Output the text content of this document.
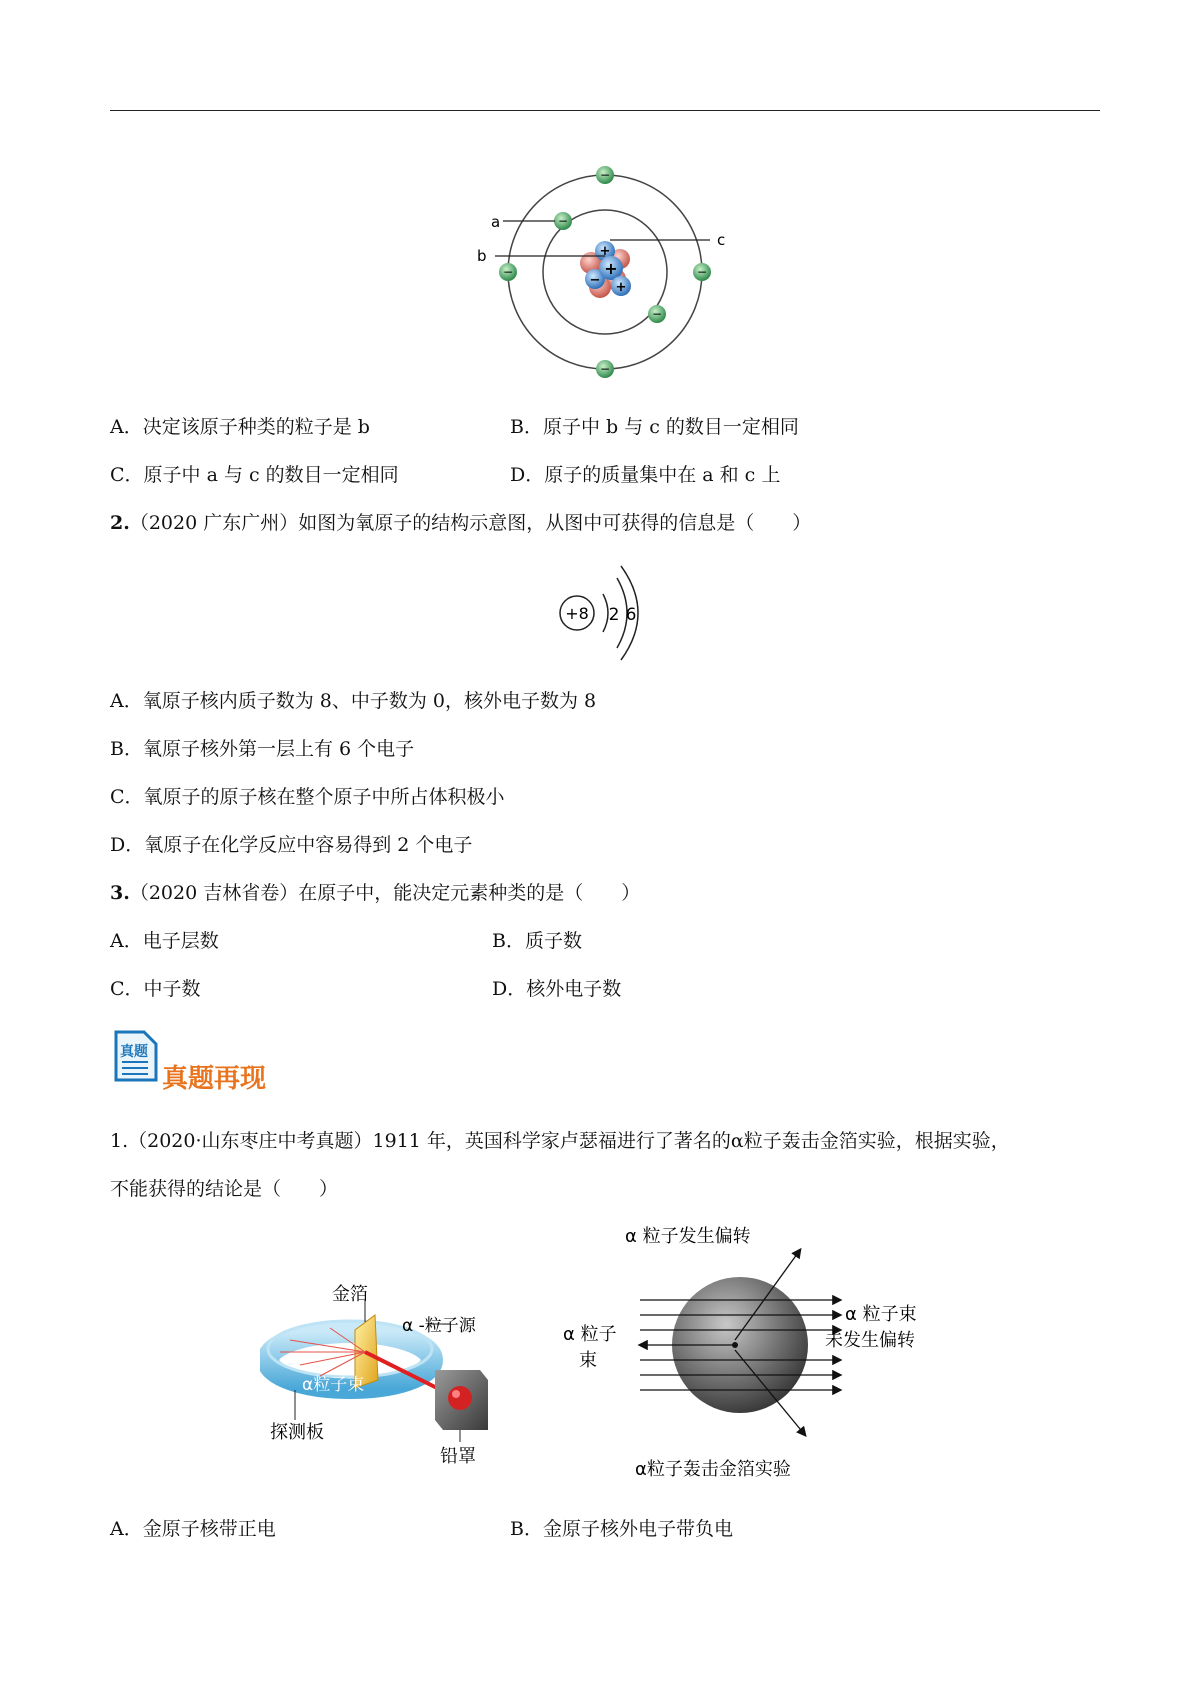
+
+
− +
−
−
−	−
−
−
a
b
c
A．决定该原子种类的粒子是 b	B．原子中 b 与 c 的数目一定相同
C．原子中 a 与 c 的数目一定相同	D．原子的质量集中在 a 和 c 上
2.（2020 广东广州）如图为氧原子的结构示意图，从图中可获得的信息是（　　）
+8 2 6
A．氧原子核内质子数为 8、中子数为 0，核外电子数为 8
B．氧原子核外第一层上有 6 个电子
C．氧原子的原子核在整个原子中所占体积极小
D．氧原子在化学反应中容易得到 2 个电子
3.（2020 吉林省卷）在原子中，能决定元素种类的是（　　）
A．电子层数	B．质子数
C．中子数	D．核外电子数
真题
真题再现
1.（2020·山东枣庄中考真题）1911 年，英国科学家卢瑟福进行了著名的α粒子轰击金箔实验，根据实验，
不能获得的结论是（　　）
金箔
α -粒子源
α粒子束
探测板
铅罩
α 粒子发生偏转
α 粒子
束
α 粒子束
未发生偏转
α粒子轰击金箔实验
A．金原子核带正电	B．金原子核外电子带负电
